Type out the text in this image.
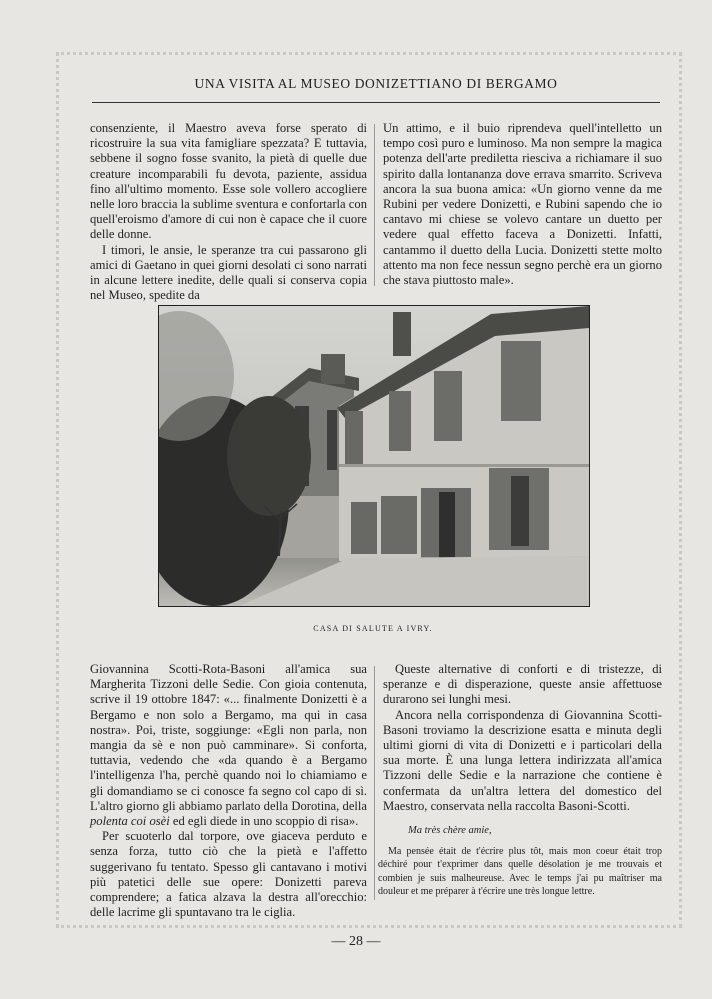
UNA VISITA AL MUSEO DONIZETTIANO DI BERGAMO

consenziente, il Maestro aveva forse sperato di ricostruire la sua vita famigliare spezzata? E tuttavia, sebbene il sogno fosse svanito, la pietà di quelle due creature incomparabili fu devota, paziente, assidua fino all'ultimo momento. Esse sole vollero accogliere nelle loro braccia la sublime sventura e confortarla con quell'eroismo d'amore di cui non è capace che il cuore delle donne.

I timori, le ansie, le speranze tra cui passarono gli amici di Gaetano in quei giorni desolati ci sono narrati in alcune lettere inedite, delle quali si conserva copia nel Museo, spedite da

Un attimo, e il buio riprendeva quell'intelletto un tempo così puro e luminoso. Ma non sempre la magica potenza dell'arte prediletta riesciva a richiamare il suo spirito dalla lontananza dove errava smarrito. Scriveva ancora la sua buona amica: «Un giorno venne da me Rubini per vedere Donizetti, e Rubini sapendo che io cantavo mi chiese se volevo cantare un duetto per vedere qual effetto faceva a Donizetti. Infatti, cantammo il duetto della Lucia. Donizetti stette molto attento ma non fece nessun segno perchè era un giorno che stava piuttosto male».

CASA DI SALUTE A IVRY.

Giovannina Scotti-Rota-Basoni all'amica sua Margherita Tizzoni delle Sedie. Con gioia contenuta, scrive il 19 ottobre 1847: «... finalmente Donizetti è a Bergamo e non solo a Bergamo, ma qui in casa nostra». Poi, triste, soggiunge: «Egli non parla, non mangia da sè e non può camminare». Si conforta, tuttavia, vedendo che «da quando è a Bergamo l'intelligenza l'ha, perchè quando noi lo chiamiamo e gli domandiamo se ci conosce fa segno col capo di sì. L'altro giorno gli abbiamo parlato della Dorotina, della polenta coi osèi ed egli diede in uno scoppio di risa».

Per scuoterlo dal torpore, ove giaceva perduto e senza forza, tutto ciò che la pietà e l'affetto suggerivano fu tentato. Spesso gli cantavano i motivi più patetici delle sue opere: Donizetti pareva comprendere; a fatica alzava la destra all'orecchio: delle lacrime gli spuntavano tra le ciglia.

Queste alternative di conforti e di tristezze, di speranze e di disperazione, queste ansie affettuose durarono sei lunghi mesi.

Ancora nella corrispondenza di Giovannina Scotti-Basoni troviamo la descrizione esatta e minuta degli ultimi giorni di vita di Donizetti e i particolari della sua morte. È una lunga lettera indirizzata all'amica Tizzoni delle Sedie e la narrazione che contiene è confermata da un'altra lettera del domestico del Maestro, conservata nella raccolta Basoni-Scotti.

Ma très chère amie,

Ma pensée était de t'écrire plus tôt, mais mon coeur était trop déchiré pour t'exprimer dans quelle désolation je me trouvais et combien je suis malheureuse. Avec le temps j'ai pu maîtriser ma douleur et me préparer à t'écrire une très longue lettre.

— 28 —
